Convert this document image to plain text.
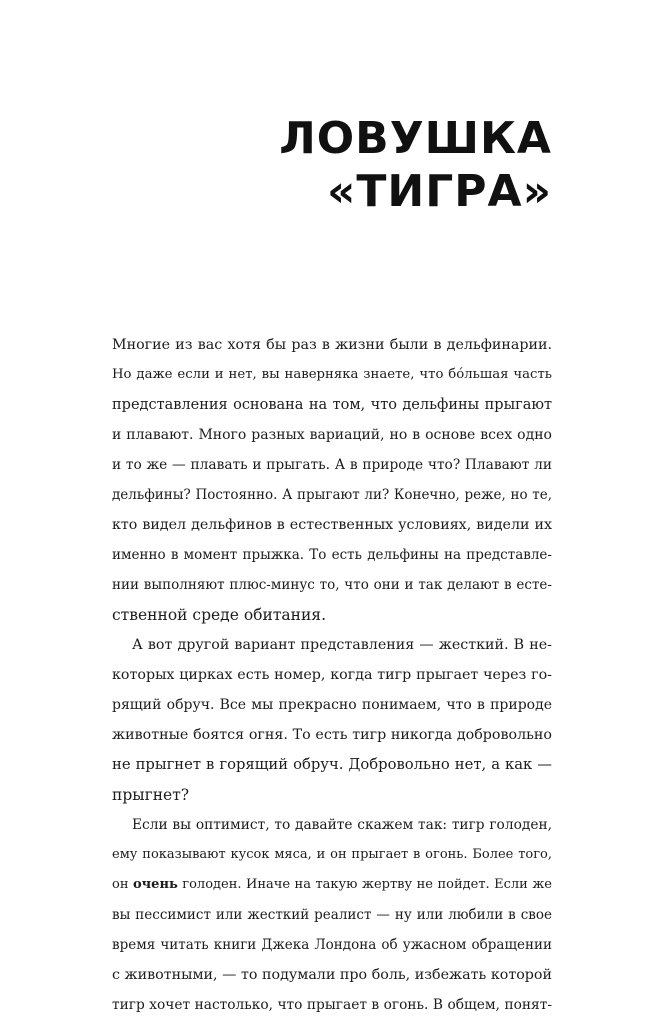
ЛОВУШКА
«ТИГРА»
Многие из вас хотя бы раз в жизни были в дельфинарии.
Но даже если и нет, вы наверняка знаете, что бóльшая часть
представления основана на том, что дельфины прыгают
и плавают. Много разных вариаций, но в основе всех одно
и то же — плавать и прыгать. А в природе что? Плавают ли
дельфины? Постоянно. А прыгают ли? Конечно, реже, но те,
кто видел дельфинов в естественных условиях, видели их
именно в момент прыжка. То есть дельфины на представле-
нии выполняют плюс-минус то, что они и так делают в есте-
ственной среде обитания.
А вот другой вариант представления — жесткий. В не-
которых цирках есть номер, когда тигр прыгает через го-
рящий обруч. Все мы прекрасно понимаем, что в природе
животные боятся огня. То есть тигр никогда добровольно
не прыгнет в горящий обруч. Добровольно нет, а как —
прыгнет?
Если вы оптимист, то давайте скажем так: тигр голоден,
ему показывают кусок мяса, и он прыгает в огонь. Более того,
он очень голоден. Иначе на такую жертву не пойдет. Если же
вы пессимист или жесткий реалист — ну или любили в свое
время читать книги Джека Лондона об ужасном обращении
с животными, — то подумали про боль, избежать которой
тигр хочет настолько, что прыгает в огонь. В общем, понят-
